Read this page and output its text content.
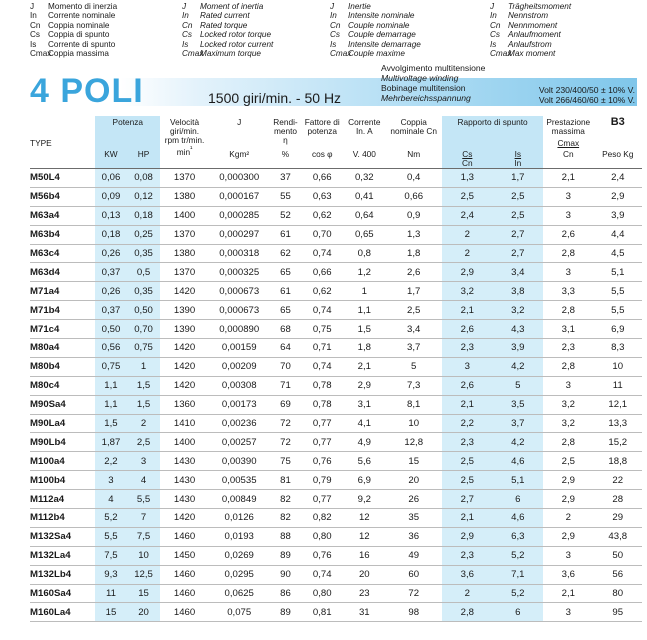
J	Momento di inerzia
In	Corrente nominale
Cn Coppia nominale
Cs Coppia di spunto
Is	Corrente di spunto
Cmax
Coppia massima
J	Moment of inertia
In	Rated current
Cn Rated torque
Cs Locked rotor torque
Is	Locked rotor current
Cmax
Maximum torque
J	Inertie
In	Intensite nominale
Cn Couple nominale
Cs Couple demarrage
Is	Intensite demarrage
Cmax
Couple maxime
J	Trägheitsmoment
In	Nennstrom
Cn Nennmoment
Cs Anlaufmoment
Is	Anlaufstrom
Cmax
Max moment
4 POLI	1500 giri/min. - 50 Hz
Avvolgimento multitensione
Multivoltage winding
Bobinage multitension
Mehrbereichsspannung
Volt 230/400/50 ± 10% V.
Volt 266/460/60 ± 10% V.
TYPE	Potenza		Velocità giri/min. rpm tr/min. $\min^{^1}$	J	Rendi-mento η	Fattore di potenza	Corrente In. A	Coppia nominale Cn	Rapporto di spunto		Prestazione massima
Cmax	B3
	KW	HP		Kgm²	%	cos φ	V. 400	Nm	Cs
Cn	Is
In	Cn	Peso Kg
M50L4	0,06	0,08	1370	0,000300	37	0,66	0,32	0,4	1,3	1,7	2,1	2,4
M56b4	0,09	0,12	1380	0,000167	55	0,63	0,41	0,66	2,5	2,5	3	2,9
M63a4	0,13	0,18	1400	0,000285	52	0,62	0,64	0,9	2,4	2,5	3	3,9
M63b4	0,18	0,25	1370	0,000297	61	0,70	0,65	1,3	2	2,7	2,6	4,4
M63c4	0,26	0,35	1380	0,000318	62	0,74	0,8	1,8	2	2,7	2,8	4,5
M63d4	0,37	0,5	1370	0,000325	65	0,66	1,2	2,6	2,9	3,4	3	5,1
M71a4	0,26	0,35	1420	0,000673	61	0,62	1	1,7	3,2	3,8	3,3	5,5
M71b4	0,37	0,50	1390	0,000673	65	0,74	1,1	2,5	2,1	3,2	2,8	5,5
M71c4	0,50	0,70	1390	0,000890	68	0,75	1,5	3,4	2,6	4,3	3,1	6,9
M80a4	0,56	0,75	1420	0,00159	64	0,71	1,8	3,7	2,3	3,9	2,3	8,3
M80b4	0,75	1	1420	0,00209	70	0,74	2,1	5	3	4,2	2,8	10
M80c4	1,1	1,5	1420	0,00308	71	0,78	2,9	7,3	2,6	5	3	11
M90Sa4	1,1	1,5	1360	0,00173	69	0,78	3,1	8,1	2,1	3,5	3,2	12,1
M90La4	1,5	2	1410	0,00236	72	0,77	4,1	10	2,2	3,7	3,2	13,3
M90Lb4	1,87	2,5	1400	0,00257	72	0,77	4,9	12,8	2,3	4,2	2,8	15,2
M100a4	2,2	3	1430	0,00390	75	0,76	5,6	15	2,5	4,6	2,5	18,8
M100b4	3	4	1430	0,00535	81	0,79	6,9	20	2,5	5,1	2,9	22
M112a4	4	5,5	1430	0,00849	82	0,77	9,2	26	2,7	6	2,9	28
M112b4	5,2	7	1420	0,0126	82	0,82	12	35	2,1	4,6	2	29
M132Sa4	5,5	7,5	1460	0,0193	88	0,80	12	36	2,9	6,3	2,9	43,8
M132La4	7,5	10	1450	0,0269	89	0,76	16	49	2,3	5,2	3	50
M132Lb4	9,3	12,5	1460	0,0295	90	0,74	20	60	3,6	7,1	3,6	56
M160Sa4	11	15	1460	0,0625	86	0,80	23	72	2	5,2	2,1	80
M160La4	15	20	1460	0,075	89	0,81	31	98	2,8	6	3	95
